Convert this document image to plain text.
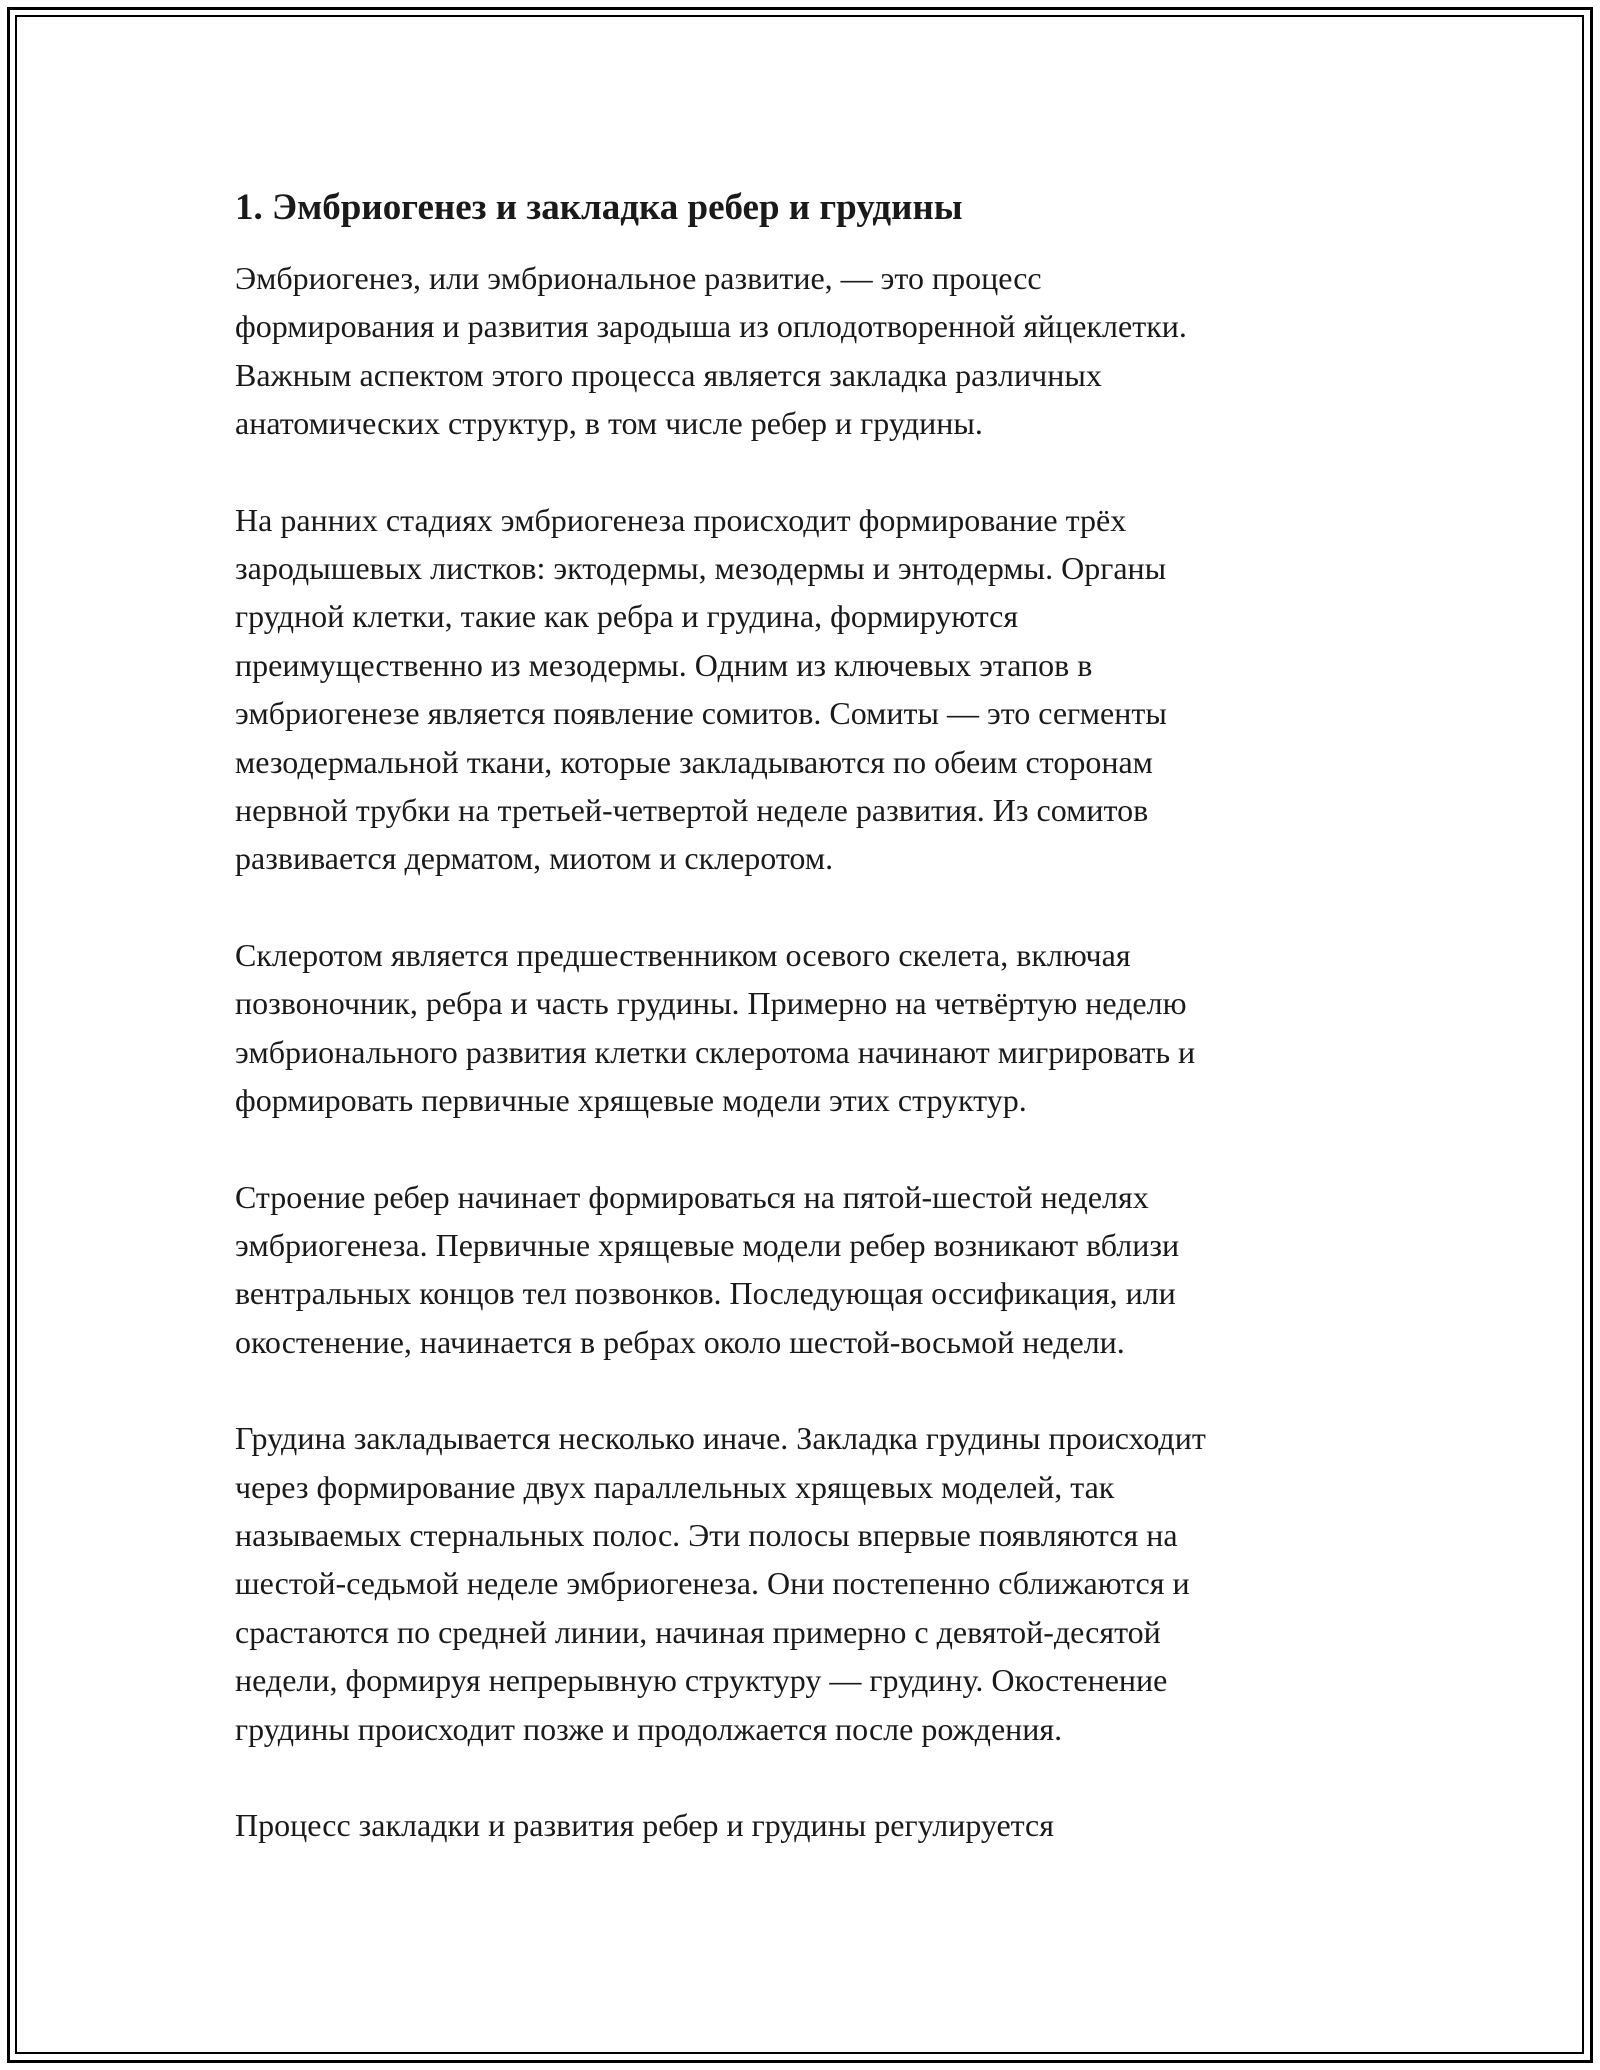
1. Эмбриогенез и закладка ребер и грудины
Эмбриогенез, или эмбриональное развитие, — это процесс
формирования и развития зародыша из оплодотворенной яйцеклетки.
Важным аспектом этого процесса является закладка различных
анатомических структур, в том числе ребер и грудины.
На ранних стадиях эмбриогенеза происходит формирование трёх
зародышевых листков: эктодермы, мезодермы и энтодермы. Органы
грудной клетки, такие как ребра и грудина, формируются
преимущественно из мезодермы. Одним из ключевых этапов в
эмбриогенезе является появление сомитов. Сомиты — это сегменты
мезодермальной ткани, которые закладываются по обеим сторонам
нервной трубки на третьей-четвертой неделе развития. Из сомитов
развивается дерматом, миотом и склеротом.
Склеротом является предшественником осевого скелета, включая
позвоночник, ребра и часть грудины. Примерно на четвёртую неделю
эмбрионального развития клетки склеротома начинают мигрировать и
формировать первичные хрящевые модели этих структур.
Строение ребер начинает формироваться на пятой-шестой неделях
эмбриогенеза. Первичные хрящевые модели ребер возникают вблизи
вентральных концов тел позвонков. Последующая оссификация, или
окостенение, начинается в ребрах около шестой-восьмой недели.
Грудина закладывается несколько иначе. Закладка грудины происходит
через формирование двух параллельных хрящевых моделей, так
называемых стернальных полос. Эти полосы впервые появляются на
шестой-седьмой неделе эмбриогенеза. Они постепенно сближаются и
срастаются по средней линии, начиная примерно с девятой-десятой
недели, формируя непрерывную структуру — грудину. Окостенение
грудины происходит позже и продолжается после рождения.
Процесс закладки и развития ребер и грудины регулируется
